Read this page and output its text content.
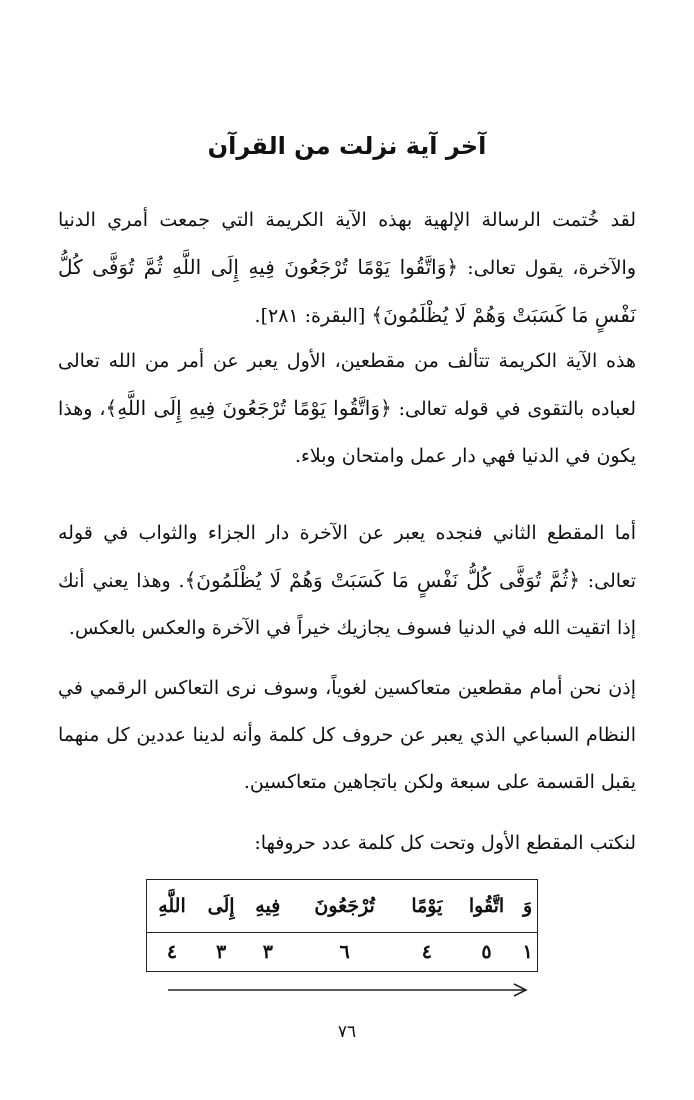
آخر آية نزلت من القرآن
لقد خُتمت الرسالة الإلهية بهذه الآية الكريمة التي جمعت أمري الدنيا والآخرة، يقول تعالى: ﴿وَاتَّقُوا يَوْمًا تُرْجَعُونَ فِيهِ إِلَى اللَّهِ ثُمَّ تُوَفَّى كُلُّ نَفْسٍ مَا كَسَبَتْ وَهُمْ لَا يُظْلَمُونَ﴾ [البقرة: ٢٨١].
هذه الآية الكريمة تتألف من مقطعين، الأول يعبر عن أمر من الله تعالى لعباده بالتقوى في قوله تعالى: ﴿وَاتَّقُوا يَوْمًا تُرْجَعُونَ فِيهِ إِلَى اللَّهِ﴾، وهذا يكون في الدنيا فهي دار عمل وامتحان وبلاء.
أما المقطع الثاني فنجده يعبر عن الآخرة دار الجزاء والثواب في قوله تعالى: ﴿ثُمَّ تُوَفَّى كُلُّ نَفْسٍ مَا كَسَبَتْ وَهُمْ لَا يُظْلَمُونَ﴾. وهذا يعني أنك إذا اتقيت الله في الدنيا فسوف يجازيك خيراً في الآخرة والعكس بالعكس.
إذن نحن أمام مقطعين متعاكسين لغوياً، وسوف نرى التعاكس الرقمي في النظام السباعي الذي يعبر عن حروف كل كلمة وأنه لدينا عددين كل منهما يقبل القسمة على سبعة ولكن باتجاهين متعاكسين.
لنكتب المقطع الأول وتحت كل كلمة عدد حروفها:
وَ	اتَّقُوا	يَوْمًا	تُرْجَعُونَ	فِيهِ	إِلَى	اللَّهِ
١	٥	٤	٦	٣	٣	٤
٧٦
